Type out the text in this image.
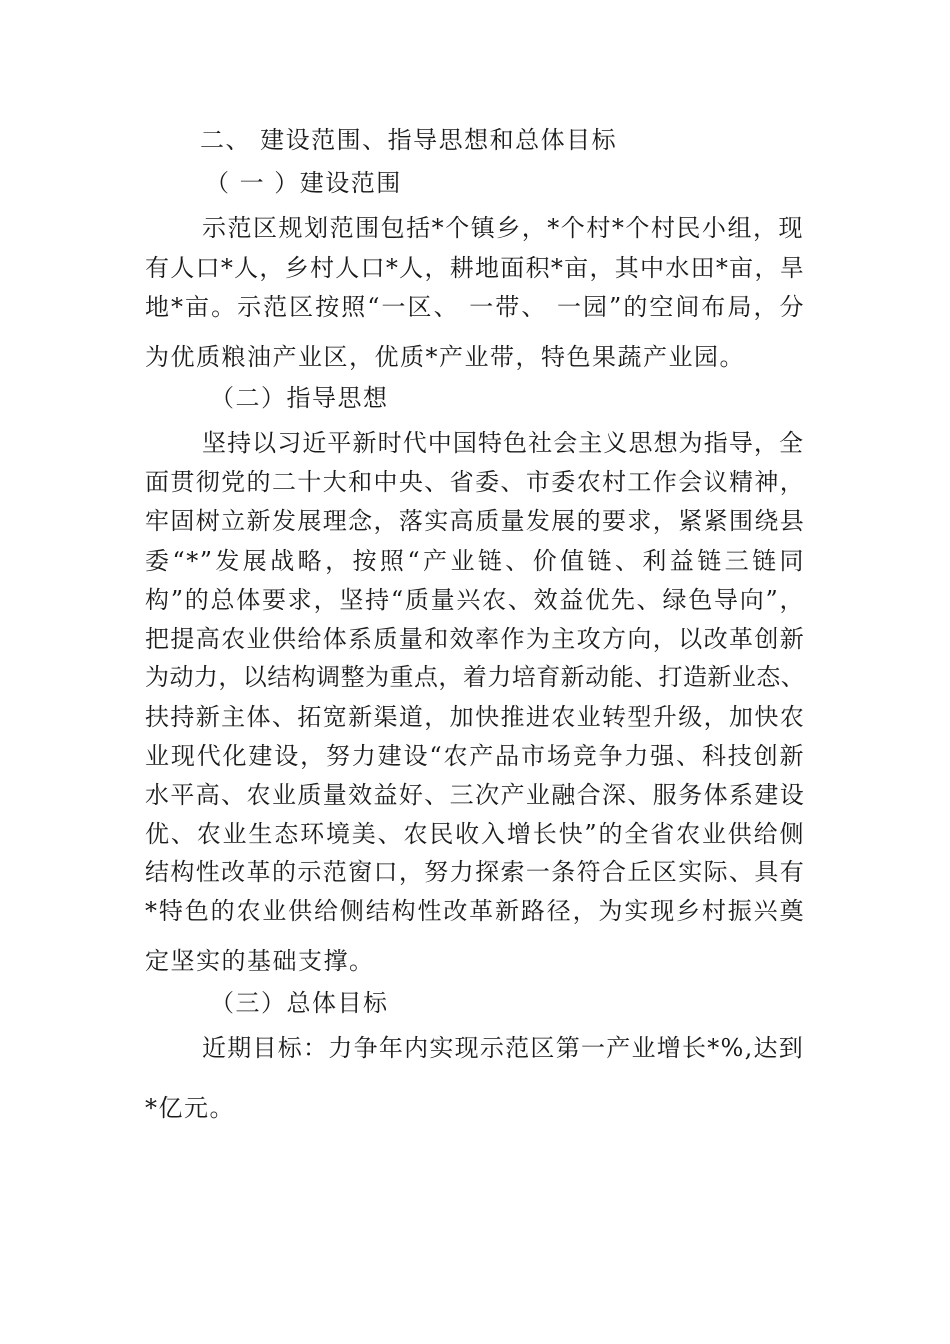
二、 建设范围、指导思想和总体目标
（ 一 ）建设范围
示范区规划范围包括*个镇乡，*个村*个村民小组，现
有人口*人，乡村人口*人，耕地面积*亩，其中水田*亩，旱
地*亩。示范区按照“一区、 一带、 一园”的空间布局，分
为优质粮油产业区，优质*产业带，特色果蔬产业园。
（二）指导思想
坚持以习近平新时代中国特色社会主义思想为指导，全
面贯彻党的二十大和中央、省委、市委农村工作会议精神，
牢固树立新发展理念，落实高质量发展的要求，紧紧围绕县
委“*”发展战略，按照“产业链、价值链、利益链三链同
构”的总体要求，坚持“质量兴农、效益优先、绿色导向”，
把提高农业供给体系质量和效率作为主攻方向，以改革创新
为动力，以结构调整为重点，着力培育新动能、打造新业态、
扶持新主体、拓宽新渠道，加快推进农业转型升级，加快农
业现代化建设，努力建设“农产品市场竞争力强、科技创新
水平高、农业质量效益好、三次产业融合深、服务体系建设
优、农业生态环境美、农民收入增长快”的全省农业供给侧
结构性改革的示范窗口，努力探索一条符合丘区实际、具有
*特色的农业供给侧结构性改革新路径，为实现乡村振兴奠
定坚实的基础支撑。
（三）总体目标
近期目标：力争年内实现示范区第一产业增长*%,达到
*亿元。
